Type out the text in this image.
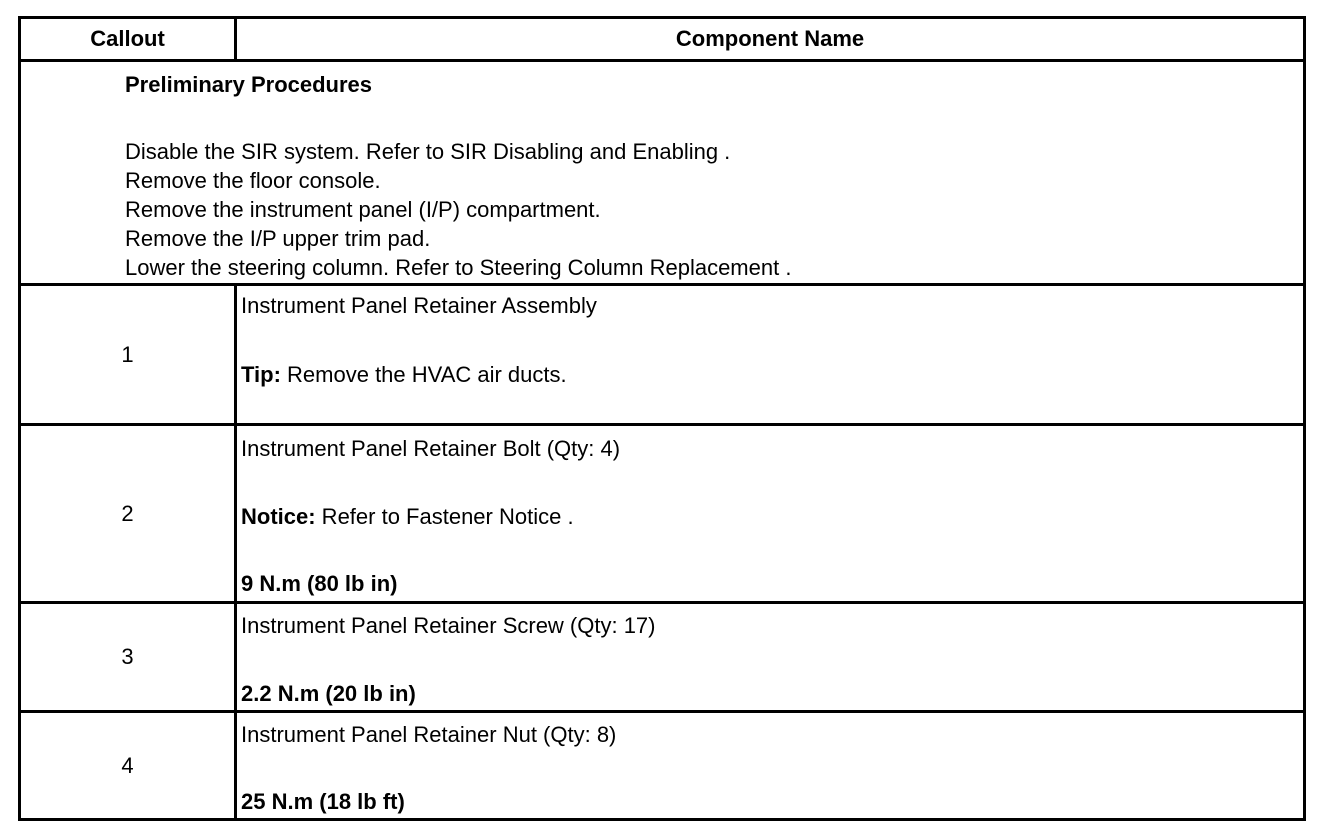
Callout	Component Name
Preliminary Procedures
Disable the SIR system. Refer to SIR Disabling and Enabling .
Remove the floor console.
Remove the instrument panel (I/P) compartment.
Remove the I/P upper trim pad.
Lower the steering column. Refer to Steering Column Replacement .
1
Instrument Panel Retainer Assembly
Tip: Remove the HVAC air ducts.
2
Instrument Panel Retainer Bolt (Qty: 4)
Notice: Refer to Fastener Notice .
9 N.m (80 lb in)
3
Instrument Panel Retainer Screw (Qty: 17)
2.2 N.m (20 lb in)
4
Instrument Panel Retainer Nut (Qty: 8)
25 N.m (18 lb ft)
